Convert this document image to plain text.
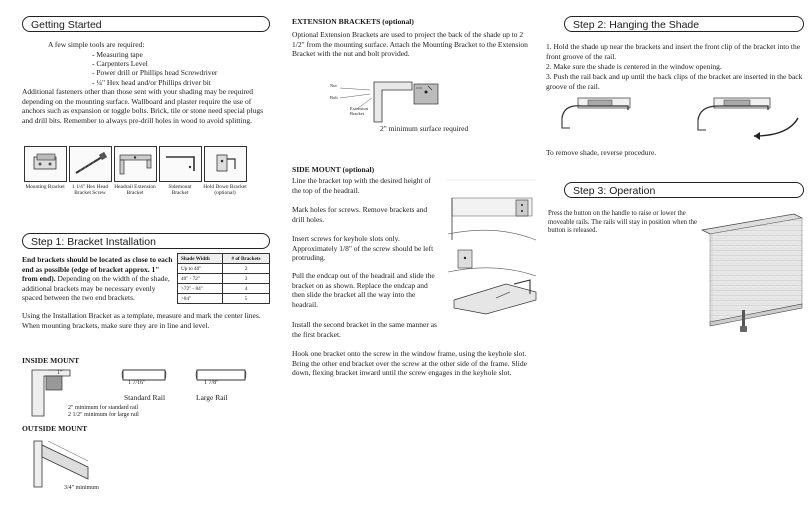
Getting Started
A few simple tools are required:
- Measuring tape
- Carpenters Level
- Power drill or Phillips head Screwdriver
- ¼" Hex head and/or Phillips driver bit
Additional fasteners other than those sent with your shading may be required depending on the mounting surface. Wallboard and plaster require the use of anchors such as expansion or toggle bolts. Brick, tile or stone need special plugs and drill bits. Remember to always pre-drill holes in wood to avoid splitting.
Mounting Bracket	1 1/4" Hex Head Bracket Screw
Headrail Extension Bracket
Sidemount Bracket
Hold Down Bracket (optional)
Step 1: Bracket Installation
End brackets should be located as close to each end as possible (edge of bracket approx. 1" from end). Depending on the width of the shade, additional brackets may be necessary evenly spaced between the two end brackets.
Shade Width	# of Brackets
Up to 40"	2
40" - 72"	3
>72" - 84"	4
>84"	5
Using the Installation Bracket as a template, measure and mark the center lines. When mounting brackets, make sure they are in line and level.
INSIDE MOUNT
1"
1 7/16"
Standard Rail
1 7/8"
Large Rail
2" minimum for standard rail
2 1/2" minimum for large rail
OUTSIDE MOUNT
3/4" minimum
EXTENSION BRACKETS (optional)
Optional Extension Brackets are used to project the back of the shade up to 2 1/2" from the mounting surface. Attach the Mounting Bracket to the Extension Bracket with the nut and bolt provided.
Nut
Bolt
Extension Bracket
2" minimum surface required
SIDE MOUNT (optional)
Line the bracket top with the desired height of the top of the headrail.
Mark holes for screws. Remove brackets and drill holes.
Insert screws for keyhole slots only. Approximately 1/8" of the screw should be left protruding.
Pull the endcap out of the headrail and slide the bracket on as shown. Replace the endcap and then slide the bracket all the way into the headrail.
Install the second bracket in the same manner as the first bracket.
Hook one bracket onto the screw in the window frame, using the keyhole slot. Bring the other end bracket over the screw at the other side of the frame. Slide down, flexing bracket inward until the screw engages in the keyhole slot.
Step 2: Hanging the Shade
1. Hold the shade up near the brackets and insert the front clip of the bracket into the front groove of the rail.
2. Make sure the shade is centered in the window opening.
3. Push the rail back and up until the back clips of the bracket are inserted in the back groove of the rail.
To remove shade, reverse procedure.
Step 3: Operation
Press the button on the handle to raise or lower the moveable rails. The rails will stay in position when the button is released.
